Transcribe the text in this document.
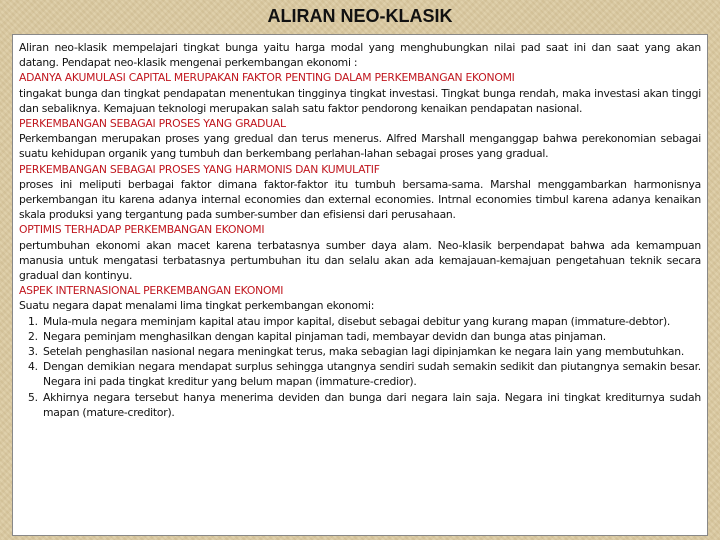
ALIRAN NEO-KLASIK

Aliran neo-klasik mempelajari tingkat bunga yaitu harga modal yang menghubungkan nilai pad saat ini dan saat yang akan datang. Pendapat neo-klasik mengenai perkembangan ekonomi :

ADANYA AKUMULASI CAPITAL MERUPAKAN FAKTOR PENTING DALAM PERKEMBANGAN EKONOMI

tingakat bunga dan tingkat pendapatan menentukan tingginya tingkat investasi. Tingkat bunga rendah, maka investasi akan tinggi dan sebaliknya. Kemajuan teknologi merupakan salah satu faktor pendorong kenaikan pendapatan nasional.

PERKEMBANGAN SEBAGAI PROSES YANG GRADUAL

Perkembangan merupakan proses yang gredual dan terus menerus. Alfred Marshall menganggap bahwa perekonomian sebagai suatu kehidupan organik yang tumbuh dan berkembang perlahan-lahan sebagai proses yang gradual.

PERKEMBANGAN SEBAGAI PROSES YANG HARMONIS DAN KUMULATIF

proses ini meliputi berbagai faktor dimana faktor-faktor itu tumbuh bersama-sama. Marshal menggambarkan harmonisnya perkembangan itu karena adanya internal economies dan external economies. Intrnal economies timbul karena adanya kenaikan skala produksi yang tergantung pada sumber-sumber dan efisiensi dari perusahaan.

OPTIMIS TERHADAP PERKEMBANGAN EKONOMI

pertumbuhan ekonomi akan macet karena terbatasnya sumber daya alam. Neo-klasik berpendapat bahwa ada kemampuan manusia untuk mengatasi terbatasnya pertumbuhan itu dan selalu akan ada kemajauan-kemajuan pengetahuan teknik secara gradual dan kontinyu.

ASPEK INTERNASIONAL PERKEMBANGAN EKONOMI

Suatu negara dapat menalami lima tingkat perkembangan ekonomi:

1. Mula-mula negara meminjam kapital atau impor kapital, disebut sebagai debitur yang kurang mapan (immature-debtor).
2. Negara peminjam menghasilkan dengan kapital pinjaman tadi, membayar devidn dan bunga atas pinjaman.
3. Setelah penghasilan nasional negara meningkat terus, maka sebagian lagi dipinjamkan ke negara lain yang membutuhkan.
4. Dengan demikian negara mendapat surplus sehingga utangnya sendiri sudah semakin sedikit dan piutangnya semakin besar. Negara ini pada tingkat kreditur yang belum mapan (immature-credior).
5. Akhirnya negara tersebut hanya menerima deviden dan bunga dari negara lain saja. Negara ini tingkat krediturnya sudah mapan (mature-creditor).
